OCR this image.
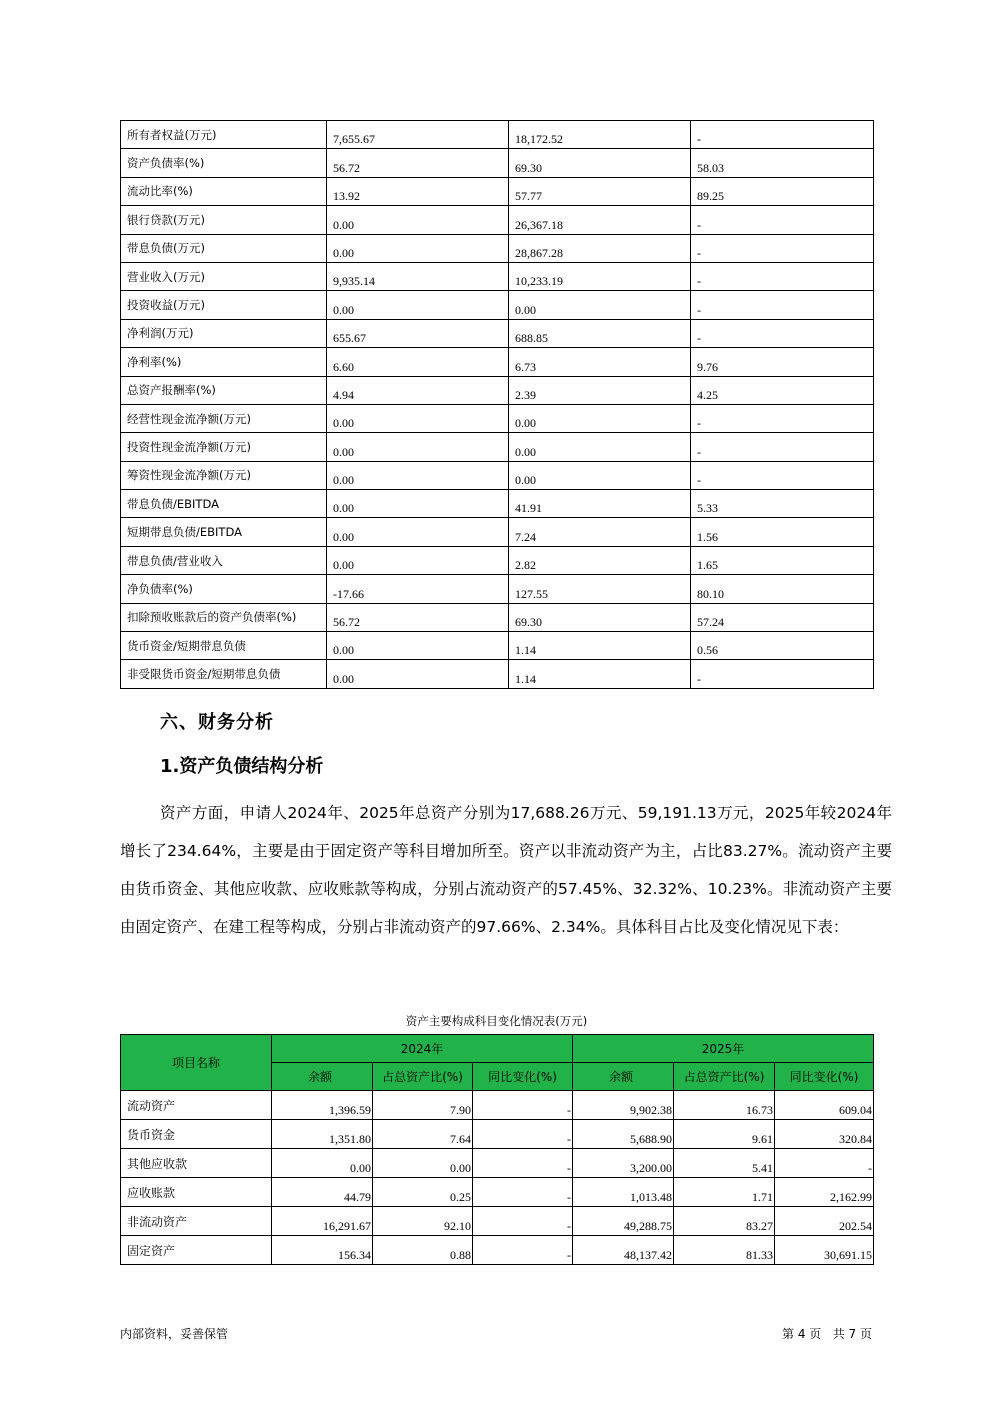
所有者权益(万元)	7,655.67	18,172.52	-
资产负债率(%)	56.72	69.30	58.03
流动比率(%)	13.92	57.77	89.25
银行贷款(万元)	0.00	26,367.18	-
带息负债(万元)	0.00	28,867.28	-
营业收入(万元)	9,935.14	10,233.19	-
投资收益(万元)	0.00	0.00	-
净利润(万元)	655.67	688.85	-
净利率(%)	6.60	6.73	9.76
总资产报酬率(%)	4.94	2.39	4.25
经营性现金流净额(万元)	0.00	0.00	-
投资性现金流净额(万元)	0.00	0.00	-
筹资性现金流净额(万元)	0.00	0.00	-
带息负债/EBITDA	0.00	41.91	5.33
短期带息负债/EBITDA	0.00	7.24	1.56
带息负债/营业收入	0.00	2.82	1.65
净负债率(%)	-17.66	127.55	80.10
扣除预收账款后的资产负债率(%)	56.72	69.30	57.24
货币资金/短期带息负债	0.00	1.14	0.56
非受限货币资金/短期带息负债	0.00	1.14	-
六、财务分析
1.资产负债结构分析
资产方面，申请人2024年、2025年总资产分别为17,688.26万元、59,191.13万元，2025年较2024年增长了234.64%，主要是由于固定资产等科目增加所至。资产以非流动资产为主，占比83.27%。流动资产主要由货币资金、其他应收款、应收账款等构成，分别占流动资产的57.45%、32.32%、10.23%。非流动资产主要由固定资产、在建工程等构成，分别占非流动资产的97.66%、2.34%。具体科目占比及变化情况见下表：
资产主要构成科目变化情况表(万元)
项目名称	2024年			2025年		
	余额	占总资产比(%)	同比变化(%)	余额	占总资产比(%)	同比变化(%)
流动资产	1,396.59	7.90	-	9,902.38	16.73	609.04
货币资金	1,351.80	7.64	-	5,688.90	9.61	320.84
其他应收款	0.00	0.00	-	3,200.00	5.41	-
应收账款	44.79	0.25	-	1,013.48	1.71	2,162.99
非流动资产	16,291.67	92.10	-	49,288.75	83.27	202.54
固定资产	156.34	0.88	-	48,137.42	81.33	30,691.15
内部资料，妥善保管	第 4 页   共 7 页
